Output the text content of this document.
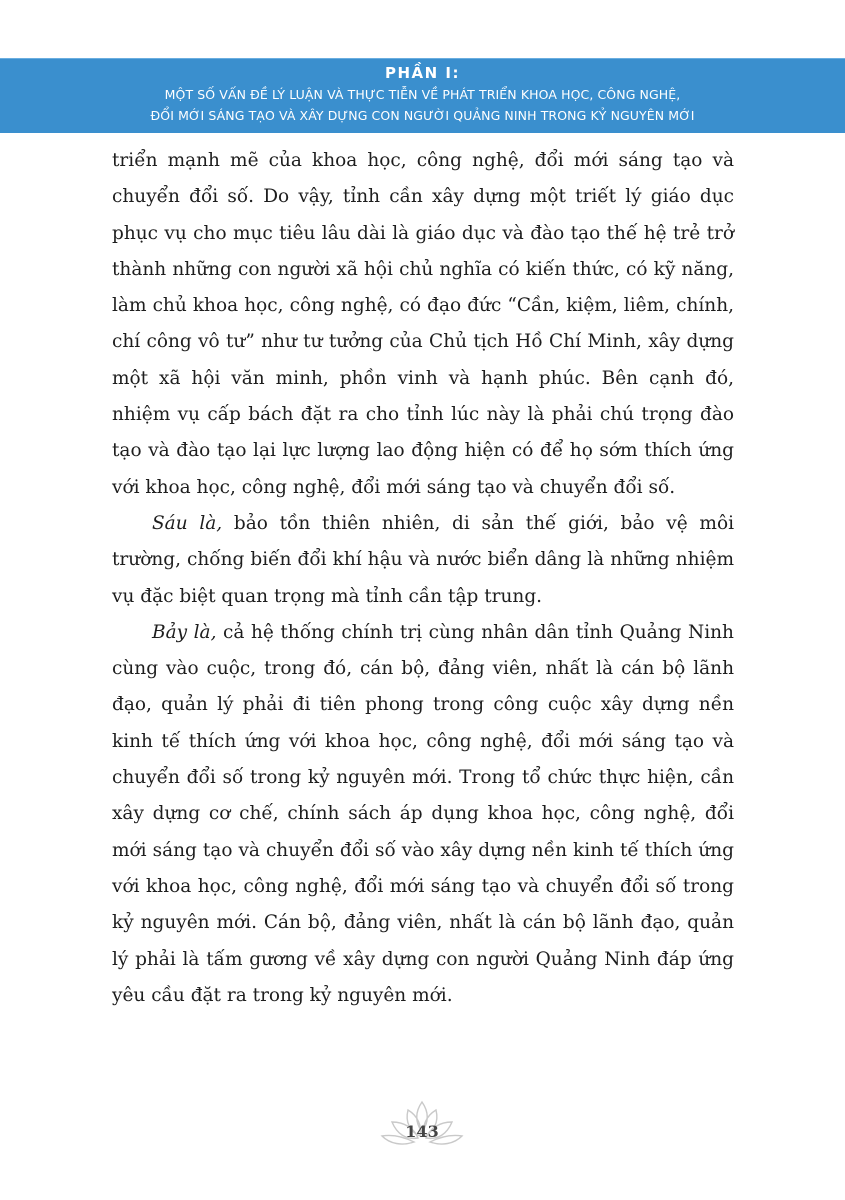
PHẦN I:
MỘT SỐ VẤN ĐỀ LÝ LUẬN VÀ THỰC TIỄN VỀ PHÁT TRIỂN KHOA HỌC, CÔNG NGHỆ,
ĐỔI MỚI SÁNG TẠO VÀ XÂY DỰNG CON NGƯỜI QUẢNG NINH TRONG KỶ NGUYÊN MỚI

triển mạnh mẽ của khoa học, công nghệ, đổi mới sáng tạo và chuyển đổi số. Do vậy, tỉnh cần xây dựng một triết lý giáo dục phục vụ cho mục tiêu lâu dài là giáo dục và đào tạo thế hệ trẻ trở thành những con người xã hội chủ nghĩa có kiến thức, có kỹ năng, làm chủ khoa học, công nghệ, có đạo đức “Cần, kiệm, liêm, chính, chí công vô tư” như tư tưởng của Chủ tịch Hồ Chí Minh, xây dựng một xã hội văn minh, phồn vinh và hạnh phúc. Bên cạnh đó, nhiệm vụ cấp bách đặt ra cho tỉnh lúc này là phải chú trọng đào tạo và đào tạo lại lực lượng lao động hiện có để họ sớm thích ứng với khoa học, công nghệ, đổi mới sáng tạo và chuyển đổi số.

Sáu là, bảo tồn thiên nhiên, di sản thế giới, bảo vệ môi trường, chống biến đổi khí hậu và nước biển dâng là những nhiệm vụ đặc biệt quan trọng mà tỉnh cần tập trung.

Bảy là, cả hệ thống chính trị cùng nhân dân tỉnh Quảng Ninh cùng vào cuộc, trong đó, cán bộ, đảng viên, nhất là cán bộ lãnh đạo, quản lý phải đi tiên phong trong công cuộc xây dựng nền kinh tế thích ứng với khoa học, công nghệ, đổi mới sáng tạo và chuyển đổi số trong kỷ nguyên mới. Trong tổ chức thực hiện, cần xây dựng cơ chế, chính sách áp dụng khoa học, công nghệ, đổi mới sáng tạo và chuyển đổi số vào xây dựng nền kinh tế thích ứng với khoa học, công nghệ, đổi mới sáng tạo và chuyển đổi số trong kỷ nguyên mới. Cán bộ, đảng viên, nhất là cán bộ lãnh đạo, quản lý phải là tấm gương về xây dựng con người Quảng Ninh đáp ứng yêu cầu đặt ra trong kỷ nguyên mới.

143
